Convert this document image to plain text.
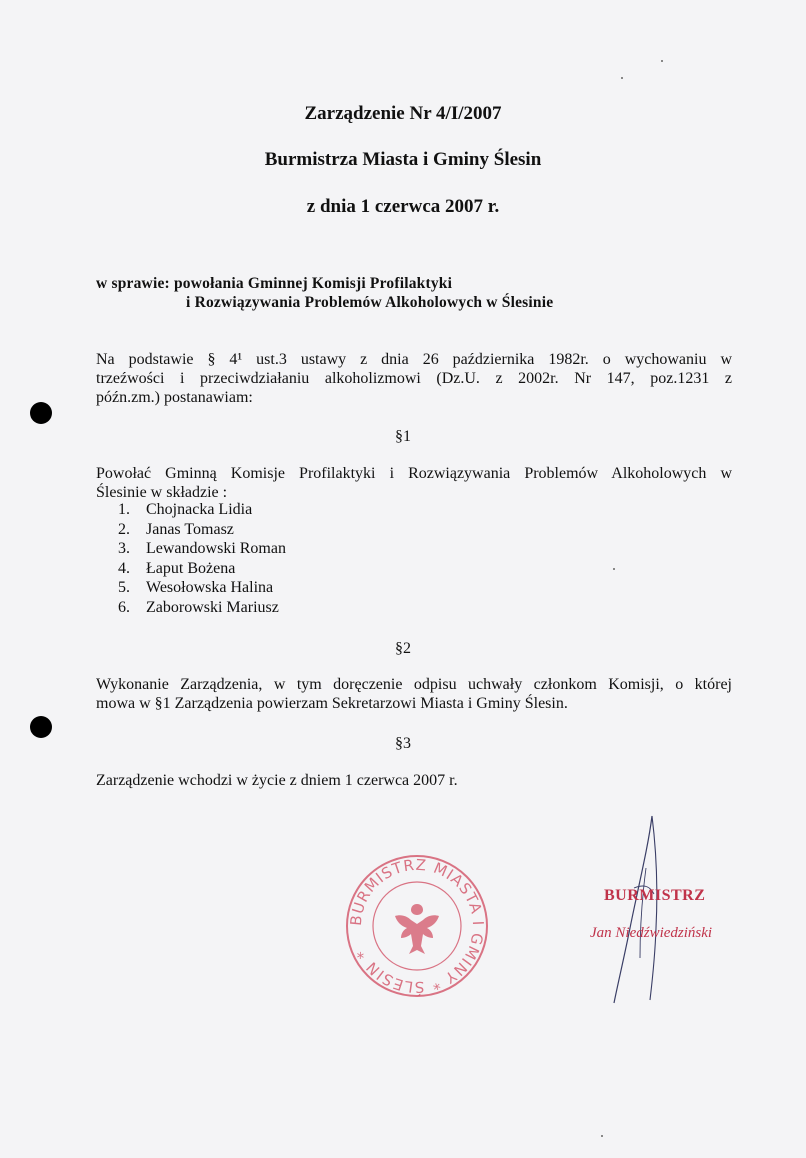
Zarządzenie Nr 4/I/2007
Burmistrza Miasta i Gminy Ślesin
z dnia 1 czerwca 2007 r.
w sprawie: powołania Gminnej Komisji Profilaktyki
i Rozwiązywania Problemów Alkoholowych w Ślesinie
Na podstawie § 4¹ ust.3 ustawy z dnia 26 października 1982r. o wychowaniu w
trzeźwości i przeciwdziałaniu alkoholizmowi (Dz.U. z 2002r. Nr 147, poz.1231 z
późn.zm.) postanawiam:
§1
Powołać Gminną Komisje Profilaktyki i Rozwiązywania Problemów Alkoholowych w
Ślesinie w składzie :
1.	Chojnacka Lidia
2.	Janas Tomasz
3.	Lewandowski Roman
4.	Łaput Bożena
5.	Wesołowska Halina
6.	Zaborowski Mariusz
§2
Wykonanie Zarządzenia, w tym doręczenie odpisu uchwały członkom Komisji, o której
mowa w §1 Zarządzenia powierzam Sekretarzowi Miasta i Gminy Ślesin.
§3
Zarządzenie wchodzi w życie z dniem 1 czerwca 2007 r.
BURMISTRZ MIASTA I GMINY * ŚLESIN *
BURMISTRZ
Jan Niedźwiedziński
